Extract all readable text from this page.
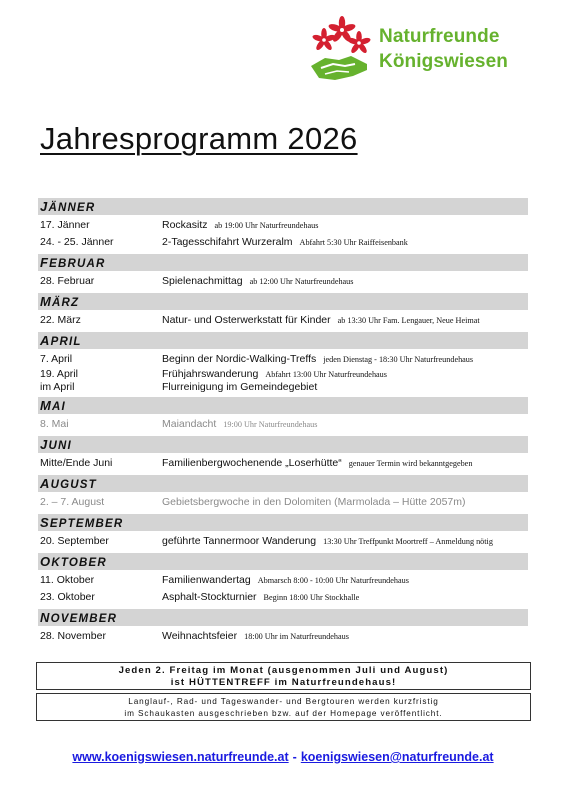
Naturfreunde
Königswiesen
Jahresprogramm 2026
JÄNNER
17. Jänner	Rockasitz ab 19:00 Uhr Naturfreundehaus
24. - 25. Jänner	2-Tagesschifahrt Wurzeralm Abfahrt 5:30 Uhr Raiffeisenbank
FEBRUAR
28. Februar	Spielenachmittag ab 12:00 Uhr Naturfreundehaus
MÄRZ
22. März	Natur- und Osterwerkstatt für Kinder ab 13:30 Uhr Fam. Lengauer, Neue Heimat
APRIL
7. April	Beginn der Nordic-Walking-Treffs jeden Dienstag - 18:30 Uhr Naturfreundehaus
19. April	Frühjahrswanderung Abfahrt 13:00 Uhr Naturfreundehaus
im April	Flurreinigung im Gemeindegebiet
MAI
8. Mai	Maiandacht 19:00 Uhr Naturfreundehaus
JUNI
Mitte/Ende Juni	Familienbergwochenende „Loserhütte“ genauer Termin wird bekanntgegeben
AUGUST
2. – 7. August	Gebietsbergwoche in den Dolomiten (Marmolada – Hütte 2057m)
SEPTEMBER
20. September	geführte Tannermoor Wanderung 13:30 Uhr Treffpunkt Moortreff – Anmeldung nötig
OKTOBER
11. Oktober	Familienwandertag Abmarsch 8:00 - 10:00 Uhr Naturfreundehaus
23. Oktober	Asphalt-Stockturnier Beginn 18:00 Uhr Stockhalle
NOVEMBER
28. November	Weihnachtsfeier 18:00 Uhr im Naturfreundehaus
Jeden 2. Freitag im Monat (ausgenommen Juli und August)
ist HÜTTENTREFF im Naturfreundehaus!
Langlauf-, Rad- und Tageswander- und Bergtouren werden kurzfristig
im Schaukasten ausgeschrieben bzw. auf der Homepage veröffentlicht.
www.koenigswiesen.naturfreunde.at - koenigswiesen@naturfreunde.at
